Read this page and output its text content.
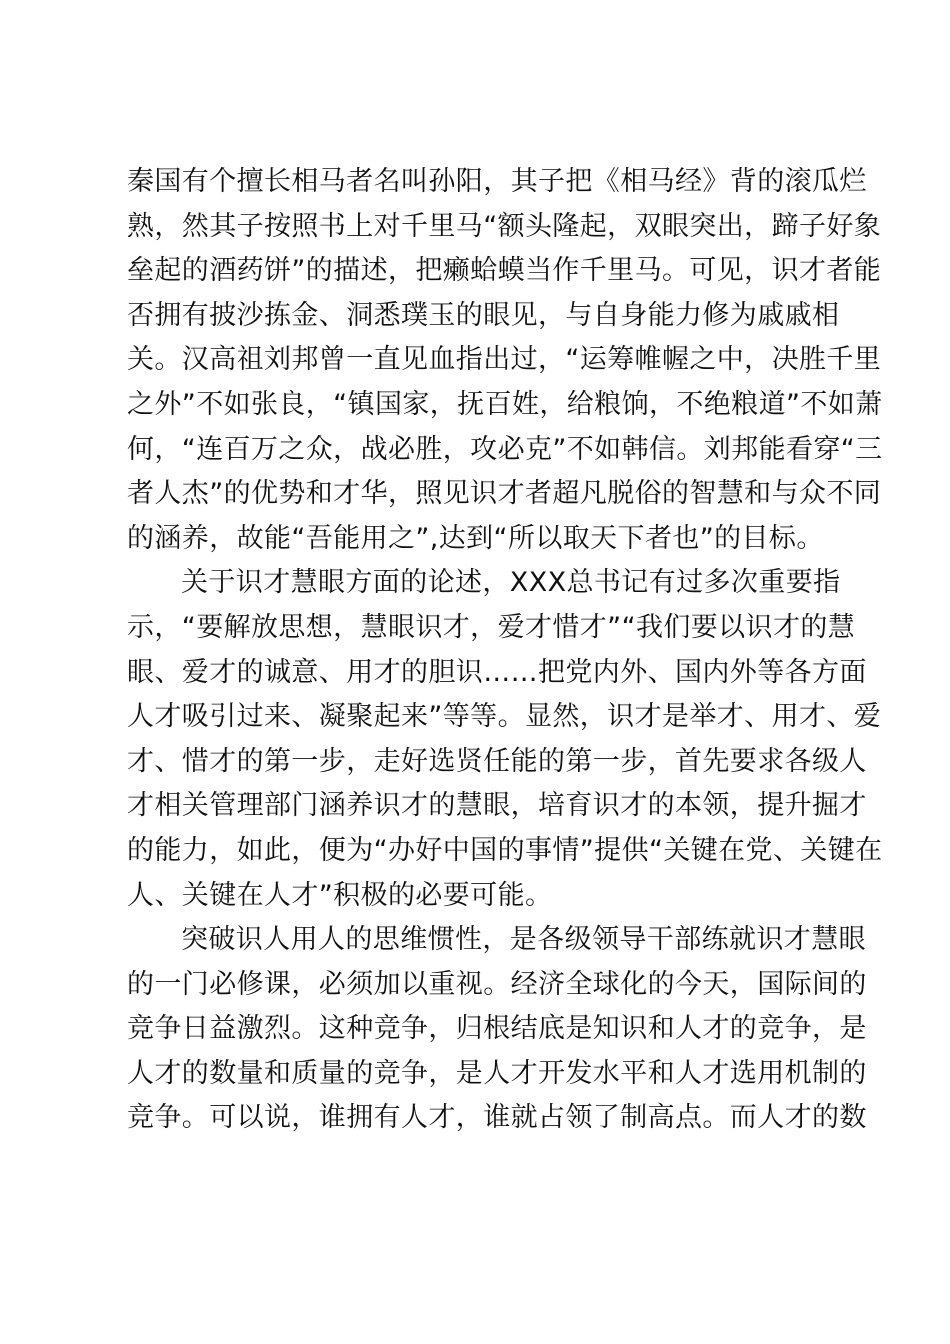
秦国有个擅长相马者名叫孙阳，其子把《相马经》背的滚瓜烂
熟，然其子按照书上对千里马“额头隆起，双眼突出，蹄子好象
垒起的酒药饼”的描述，把癞蛤蟆当作千里马。可见，识才者能
否拥有披沙拣金、洞悉璞玉的眼见，与自身能力修为戚戚相
关。汉高祖刘邦曾一直见血指出过，“运筹帷幄之中，决胜千里
之外”不如张良，“镇国家，抚百姓，给粮饷，不绝粮道”不如萧
何，“连百万之众，战必胜，攻必克”不如韩信。刘邦能看穿“三
者人杰”的优势和才华，照见识才者超凡脱俗的智慧和与众不同
的涵养，故能“吾能用之”,达到“所以取天下者也”的目标。
关于识才慧眼方面的论述，XXX总书记有过多次重要指
示，“要解放思想，慧眼识才，爱才惜才”“我们要以识才的慧
眼、爱才的诚意、用才的胆识……把党内外、国内外等各方面
人才吸引过来、凝聚起来”等等。显然，识才是举才、用才、爱
才、惜才的第一步，走好选贤任能的第一步，首先要求各级人
才相关管理部门涵养识才的慧眼，培育识才的本领，提升掘才
的能力，如此，便为“办好中国的事情”提供“关键在党、关键在
人、关键在人才”积极的必要可能。
突破识人用人的思维惯性，是各级领导干部练就识才慧眼
的一门必修课，必须加以重视。经济全球化的今天，国际间的
竞争日益激烈。这种竞争，归根结底是知识和人才的竞争，是
人才的数量和质量的竞争，是人才开发水平和人才选用机制的
竞争。可以说，谁拥有人才，谁就占领了制高点。而人才的数
